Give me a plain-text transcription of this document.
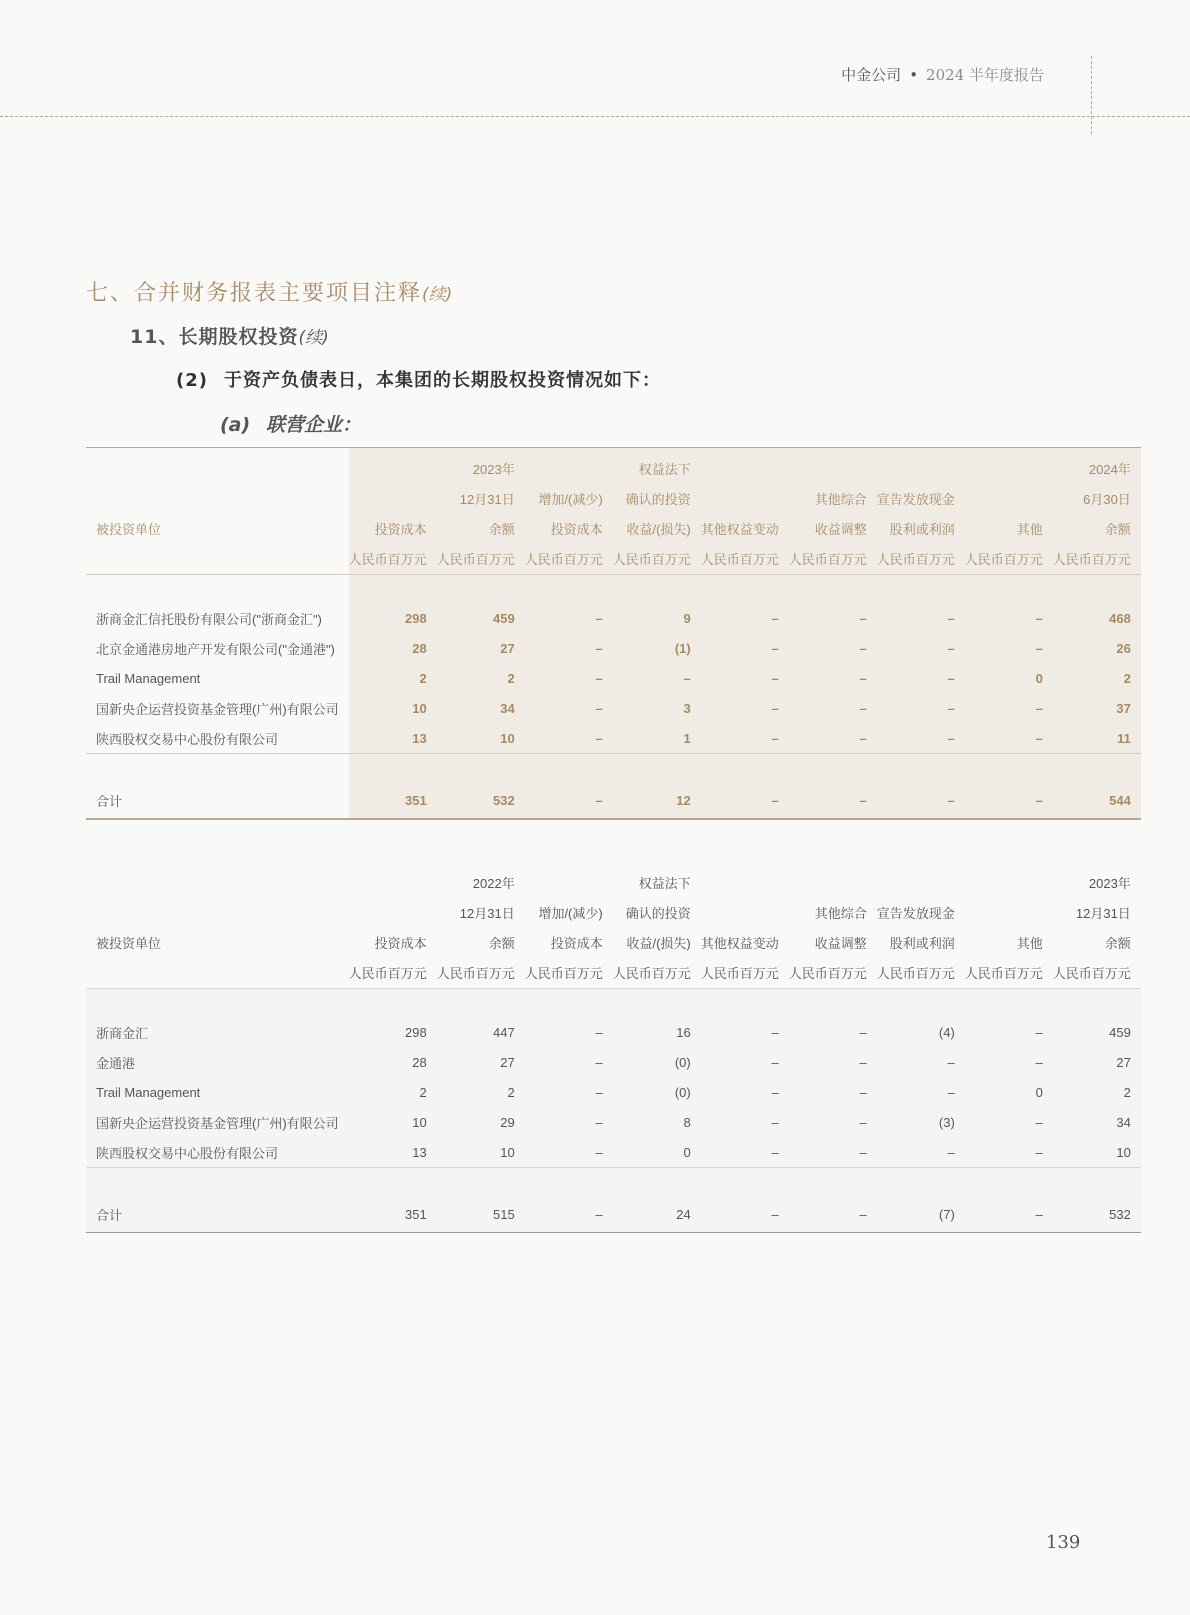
中金公司 • 2024 半年度报告
七、合并财务报表主要项目注释(续)
11、长期股权投资(续)
(2) 于资产负债表日，本集团的长期股权投资情况如下：
(a) 联营企业：
		2023年		权益法下					2024年
		12月31日	增加/(减少)	确认的投资		其他综合	宣告发放现金		6月30日
被投资单位	投资成本	余额	投资成本	收益/(损失)	其他权益变动	收益调整	股利或利润	其他	余额
	人民币百万元	人民币百万元	人民币百万元	人民币百万元	人民币百万元	人民币百万元	人民币百万元	人民币百万元	人民币百万元

浙商金汇信托股份有限公司("浙商金汇")	298	459	–	9	–	–	–	–	468
北京金通港房地产开发有限公司("金通港")	28	27	–	(1)	–	–	–	–	26
Trail Management	2	2	–	–	–	–	–	0	2
国新央企运营投资基金管理(广州)有限公司	10	34	–	3	–	–	–	–	37
陕西股权交易中心股份有限公司	13	10	–	1	–	–	–	–	11

合计	351	532	–	12	–	–	–	–	544
		2022年		权益法下					2023年
		12月31日	增加/(减少)	确认的投资		其他综合	宣告发放现金		12月31日
被投资单位	投资成本	余额	投资成本	收益/(损失)	其他权益变动	收益调整	股利或利润	其他	余额
	人民币百万元	人民币百万元	人民币百万元	人民币百万元	人民币百万元	人民币百万元	人民币百万元	人民币百万元	人民币百万元

浙商金汇	298	447	–	16	–	–	(4)	–	459
金通港	28	27	–	(0)	–	–	–	–	27
Trail Management	2	2	–	(0)	–	–	–	0	2
国新央企运营投资基金管理(广州)有限公司	10	29	–	8	–	–	(3)	–	34
陕西股权交易中心股份有限公司	13	10	–	0	–	–	–	–	10

合计	351	515	–	24	–	–	(7)	–	532
139
